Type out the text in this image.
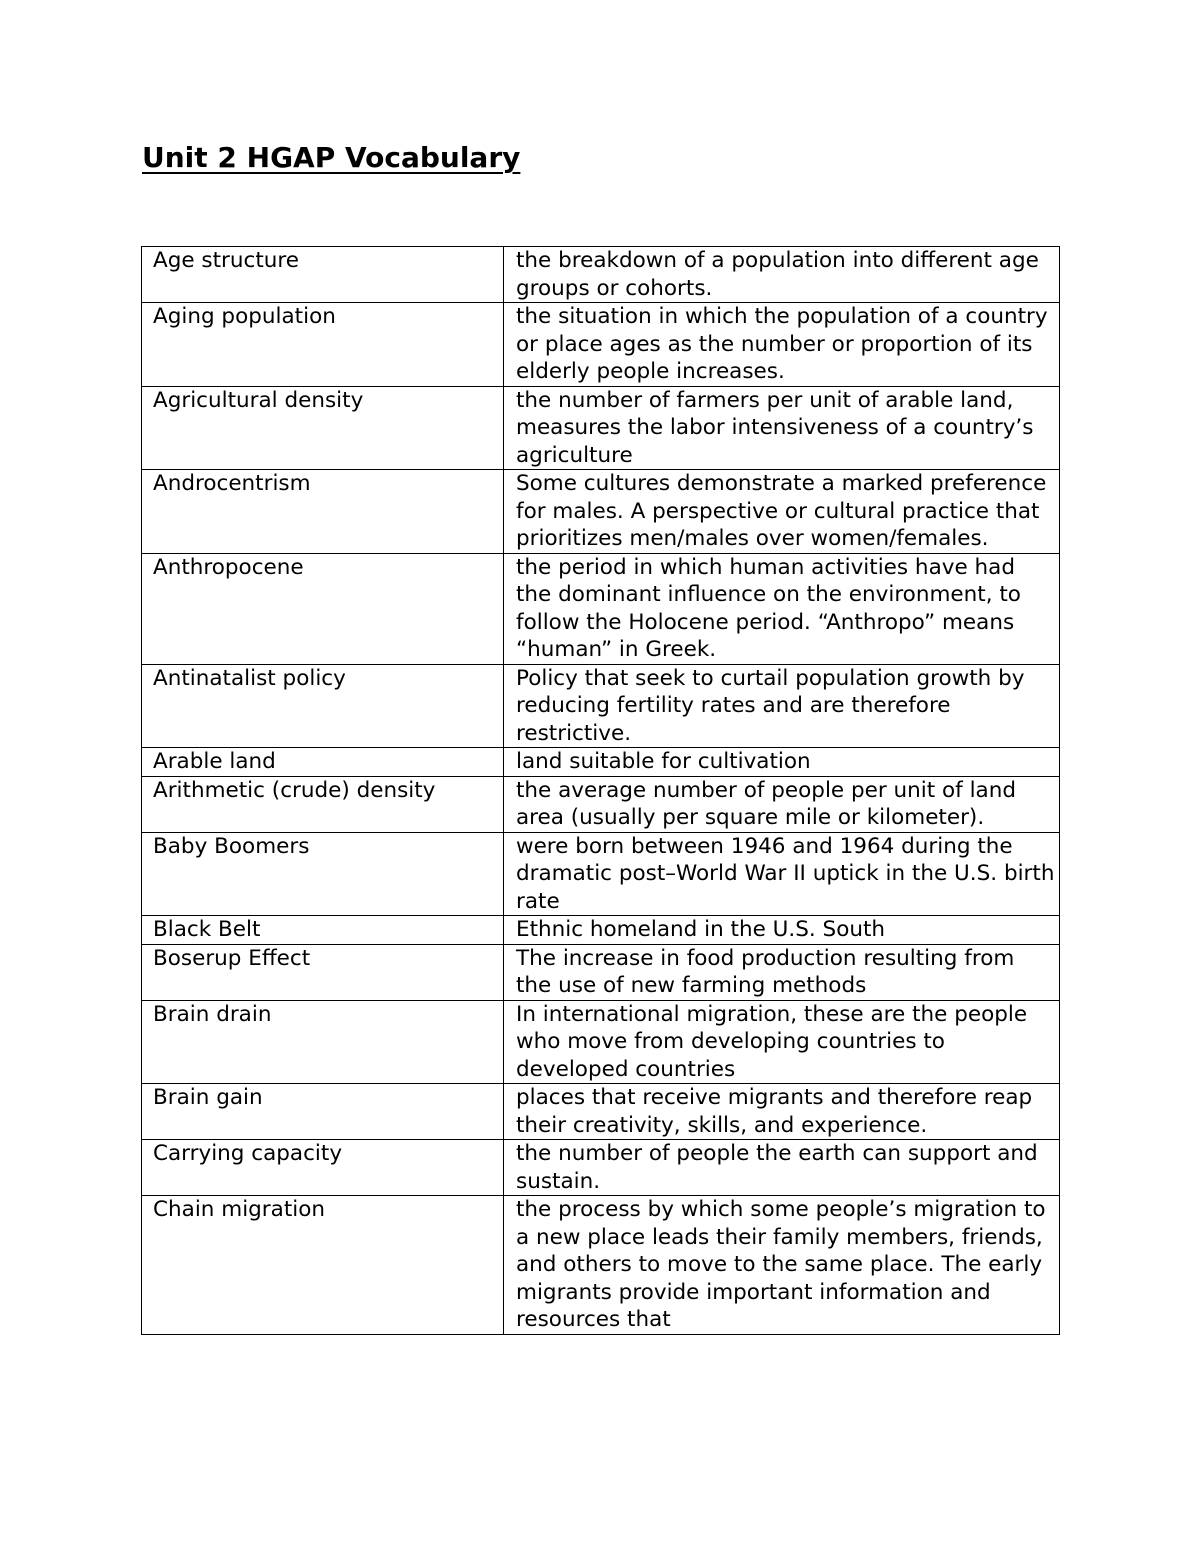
Unit 2 HGAP Vocabulary
Age structure	the breakdown of a population into different age groups or cohorts.
Aging population	the situation in which the population of a country or place ages as the number or proportion of its elderly people increases.
Agricultural density	the number of farmers per unit of arable land, measures the labor intensiveness of a country’s agriculture
Androcentrism	Some cultures demonstrate a marked preference for males. A perspective or cultural practice that prioritizes men/males over women/females.
Anthropocene	the period in which human activities have had the dominant influence on the environment, to follow the Holocene period. “Anthropo” means “human” in Greek.
Antinatalist policy	Policy that seek to curtail population growth by reducing fertility rates and are therefore restrictive.
Arable land	land suitable for cultivation
Arithmetic (crude) density	the average number of people per unit of land area (usually per square mile or kilometer).
Baby Boomers	were born between 1946 and 1964 during the dramatic post–World War II uptick in the U.S. birth rate
Black Belt	Ethnic homeland in the U.S. South
Boserup Effect	The increase in food production resulting from the use of new farming methods
Brain drain	In international migration, these are the people who move from developing countries to developed countries
Brain gain	places that receive migrants and therefore reap their creativity, skills, and experience.
Carrying capacity	the number of people the earth can support and sustain.
Chain migration	the process by which some people’s migration to a new place leads their family members, friends, and others to move to the same place. The early migrants provide important information and resources that
